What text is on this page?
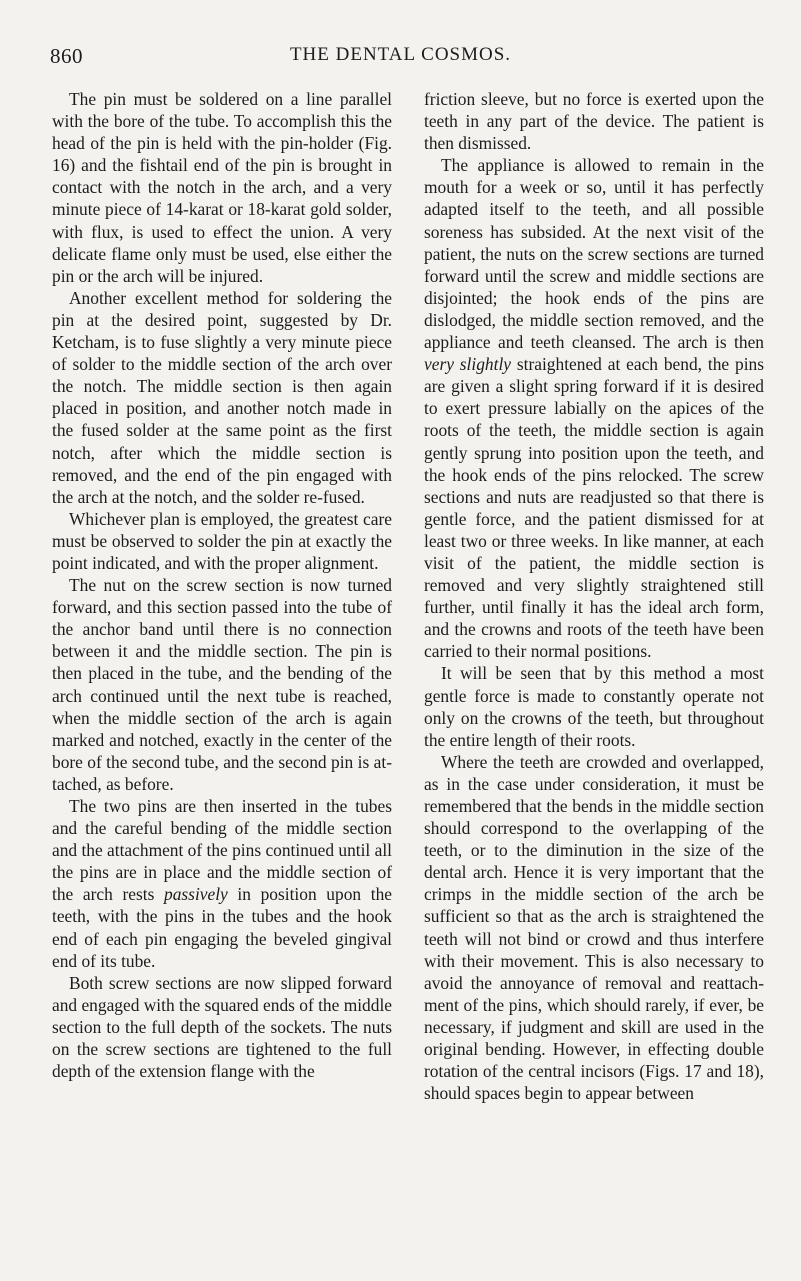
860	THE DENTAL COSMOS.

The pin must be soldered on a line parallel with the bore of the tube. To accomplish this the head of the pin is held with the pin-holder (Fig. 16) and the fishtail end of the pin is brought in contact with the notch in the arch, and a very minute piece of 14-karat or 18-karat gold solder, with flux, is used to effect the union. A very delicate flame only must be used, else either the pin or the arch will be injured.

Another excellent method for soldering the pin at the desired point, suggested by Dr. Ketcham, is to fuse slightly a very minute piece of solder to the middle section of the arch over the notch. The middle section is then again placed in position, and another notch made in the fused solder at the same point as the first notch, after which the middle section is removed, and the end of the pin engaged with the arch at the notch, and the solder re-fused.

Whichever plan is employed, the greatest care must be observed to solder the pin at exactly the point indicated, and with the proper alignment.

The nut on the screw section is now turned forward, and this section passed into the tube of the anchor band until there is no connection between it and the middle section. The pin is then placed in the tube, and the bending of the arch continued until the next tube is reached, when the middle section of the arch is again marked and notched, exactly in the center of the bore of the second tube, and the second pin is attached, as before.

The two pins are then inserted in the tubes and the careful bending of the middle section and the attachment of the pins continued until all the pins are in place and the middle section of the arch rests passively in position upon the teeth, with the pins in the tubes and the hook end of each pin engaging the beveled gingival end of its tube.

Both screw sections are now slipped forward and engaged with the squared ends of the middle section to the full depth of the sockets. The nuts on the screw sections are tightened to the full depth of the extension flange with the

friction sleeve, but no force is exerted upon the teeth in any part of the device. The patient is then dismissed.

The appliance is allowed to remain in the mouth for a week or so, until it has perfectly adapted itself to the teeth, and all possible soreness has subsided. At the next visit of the patient, the nuts on the screw sections are turned forward until the screw and middle sections are disjointed; the hook ends of the pins are dislodged, the middle section removed, and the appliance and teeth cleansed. The arch is then very slightly straightened at each bend, the pins are given a slight spring forward if it is desired to exert pressure labially on the apices of the roots of the teeth, the middle section is again gently sprung into position upon the teeth, and the hook ends of the pins relocked. The screw sections and nuts are readjusted so that there is gentle force, and the patient dismissed for at least two or three weeks. In like manner, at each visit of the patient, the middle section is removed and very slightly straightened still further, until finally it has the ideal arch form, and the crowns and roots of the teeth have been carried to their normal positions.

It will be seen that by this method a most gentle force is made to constantly operate not only on the crowns of the teeth, but throughout the entire length of their roots.

Where the teeth are crowded and overlapped, as in the case under consideration, it must be remembered that the bends in the middle section should correspond to the overlapping of the teeth, or to the diminution in the size of the dental arch. Hence it is very important that the crimps in the middle section of the arch be sufficient so that as the arch is straightened the teeth will not bind or crowd and thus interfere with their movement. This is also necessary to avoid the annoyance of removal and reattachment of the pins, which should rarely, if ever, be necessary, if judgment and skill are used in the original bending. However, in effecting double rotation of the central incisors (Figs. 17 and 18), should spaces begin to appear between
